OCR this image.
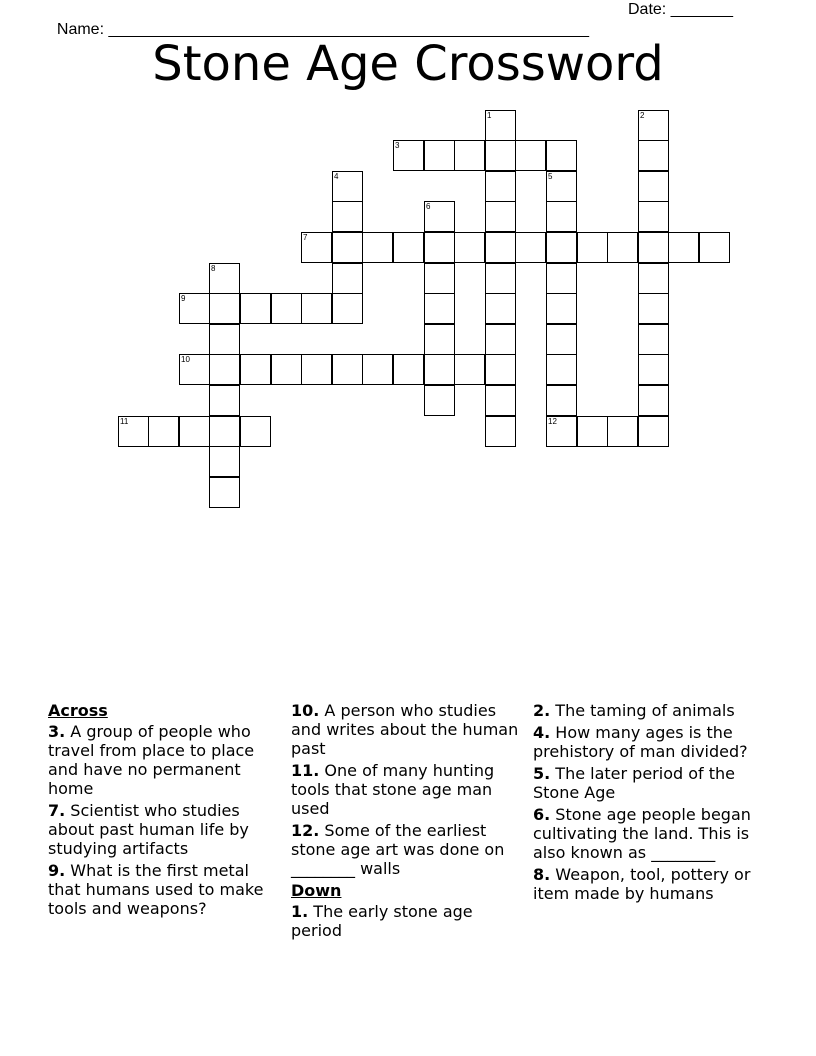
Name: ______________________________________________________

Date: _______

Stone Age Crossword
3
7
9
10
11	12
1	2
4	5
6
8
Across
3. A group of people who travel from place to place and have no permanent home
7. Scientist who studies about past human life by studying artifacts
9. What is the first metal that humans used to make tools and weapons?
10. A person who studies and writes about the human past
11. One of many hunting tools that stone age man used
12. Some of the earliest stone age art was done on ________ walls
Down
1. The early stone age period
2. The taming of animals
4. How many ages is the prehistory of man divided?
5. The later period of the Stone Age
6. Stone age people began cultivating the land. This is also known as ________
8. Weapon, tool, pottery or item made by humans
